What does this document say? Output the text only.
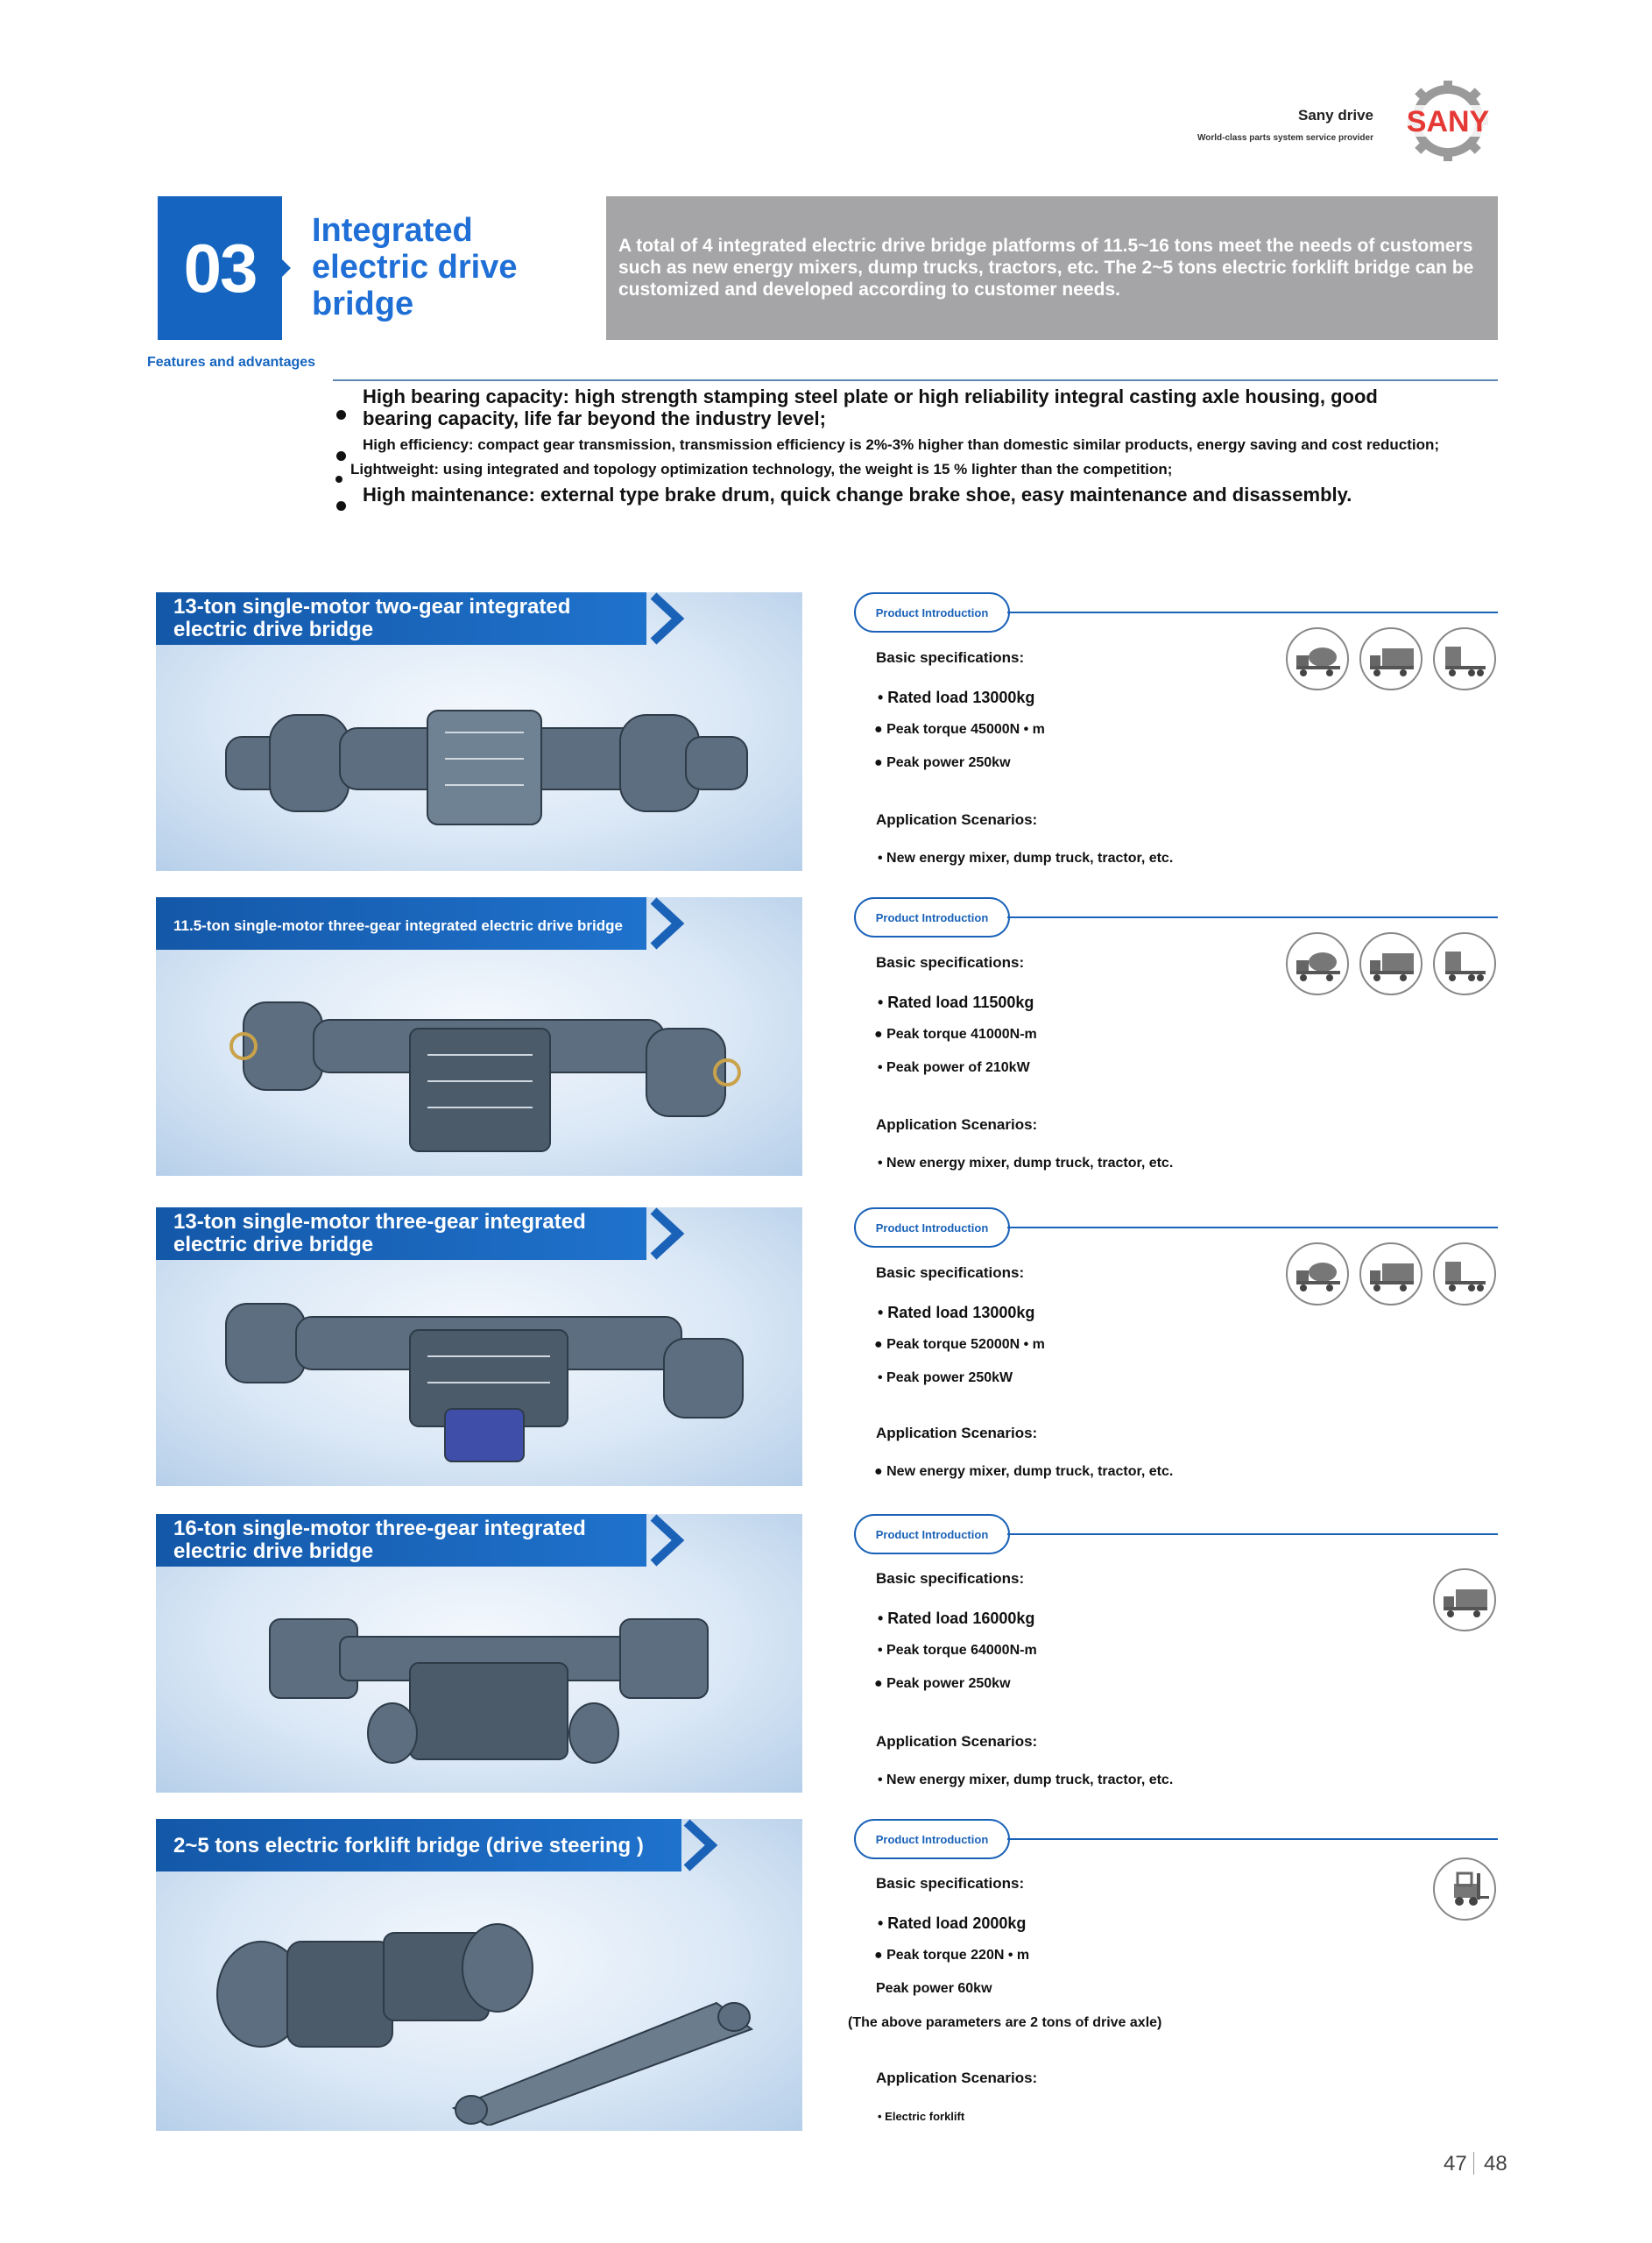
Sany drive
World-class parts system service provider SANY
03	Integrated electric drive bridge
A total of 4 integrated electric drive bridge platforms of 11.5~16 tons meet the needs of customers such as new energy mixers, dump trucks, tractors, etc. The 2~5 tons electric forklift bridge can be customized and developed according to customer needs.
Features and advantages
High bearing capacity: high strength stamping steel plate or high reliability integral casting axle housing, good bearing capacity, life far beyond the industry level;
High efficiency: compact gear transmission, transmission efficiency is 2%-3% higher than domestic similar products, energy saving and cost reduction;
Lightweight: using integrated and topology optimization technology, the weight is 15 % lighter than the competition;
High maintenance: external type brake drum, quick change brake shoe, easy maintenance and disassembly.
13-ton single-motor two-gear integrated electric drive bridge
Product Introduction
Basic specifications:
• Rated load 13000kg
● Peak torque 45000N • m
● Peak power 250kw
Application Scenarios:
• New energy mixer, dump truck, tractor, etc.
11.5-ton single-motor three-gear integrated electric drive bridge	Product Introduction
Basic specifications:
• Rated load 11500kg
● Peak torque 41000N-m
• Peak power of 210kW
Application Scenarios:
• New energy mixer, dump truck, tractor, etc.
13-ton single-motor three-gear integrated electric drive bridge
Product Introduction
Basic specifications:
• Rated load 13000kg
● Peak torque 52000N • m
• Peak power 250kW
Application Scenarios:
● New energy mixer, dump truck, tractor, etc.
16-ton single-motor three-gear integrated electric drive bridge
Product Introduction
Basic specifications:
• Rated load 16000kg
• Peak torque 64000N-m
● Peak power 250kw
Application Scenarios:
• New energy mixer, dump truck, tractor, etc.
2~5 tons electric forklift bridge (drive steering )	Product Introduction
Basic specifications:
• Rated load 2000kg
● Peak torque 220N • m
Peak power 60kw
(The above parameters are 2 tons of drive axle)
Application Scenarios:
• Electric forklift
47 48
